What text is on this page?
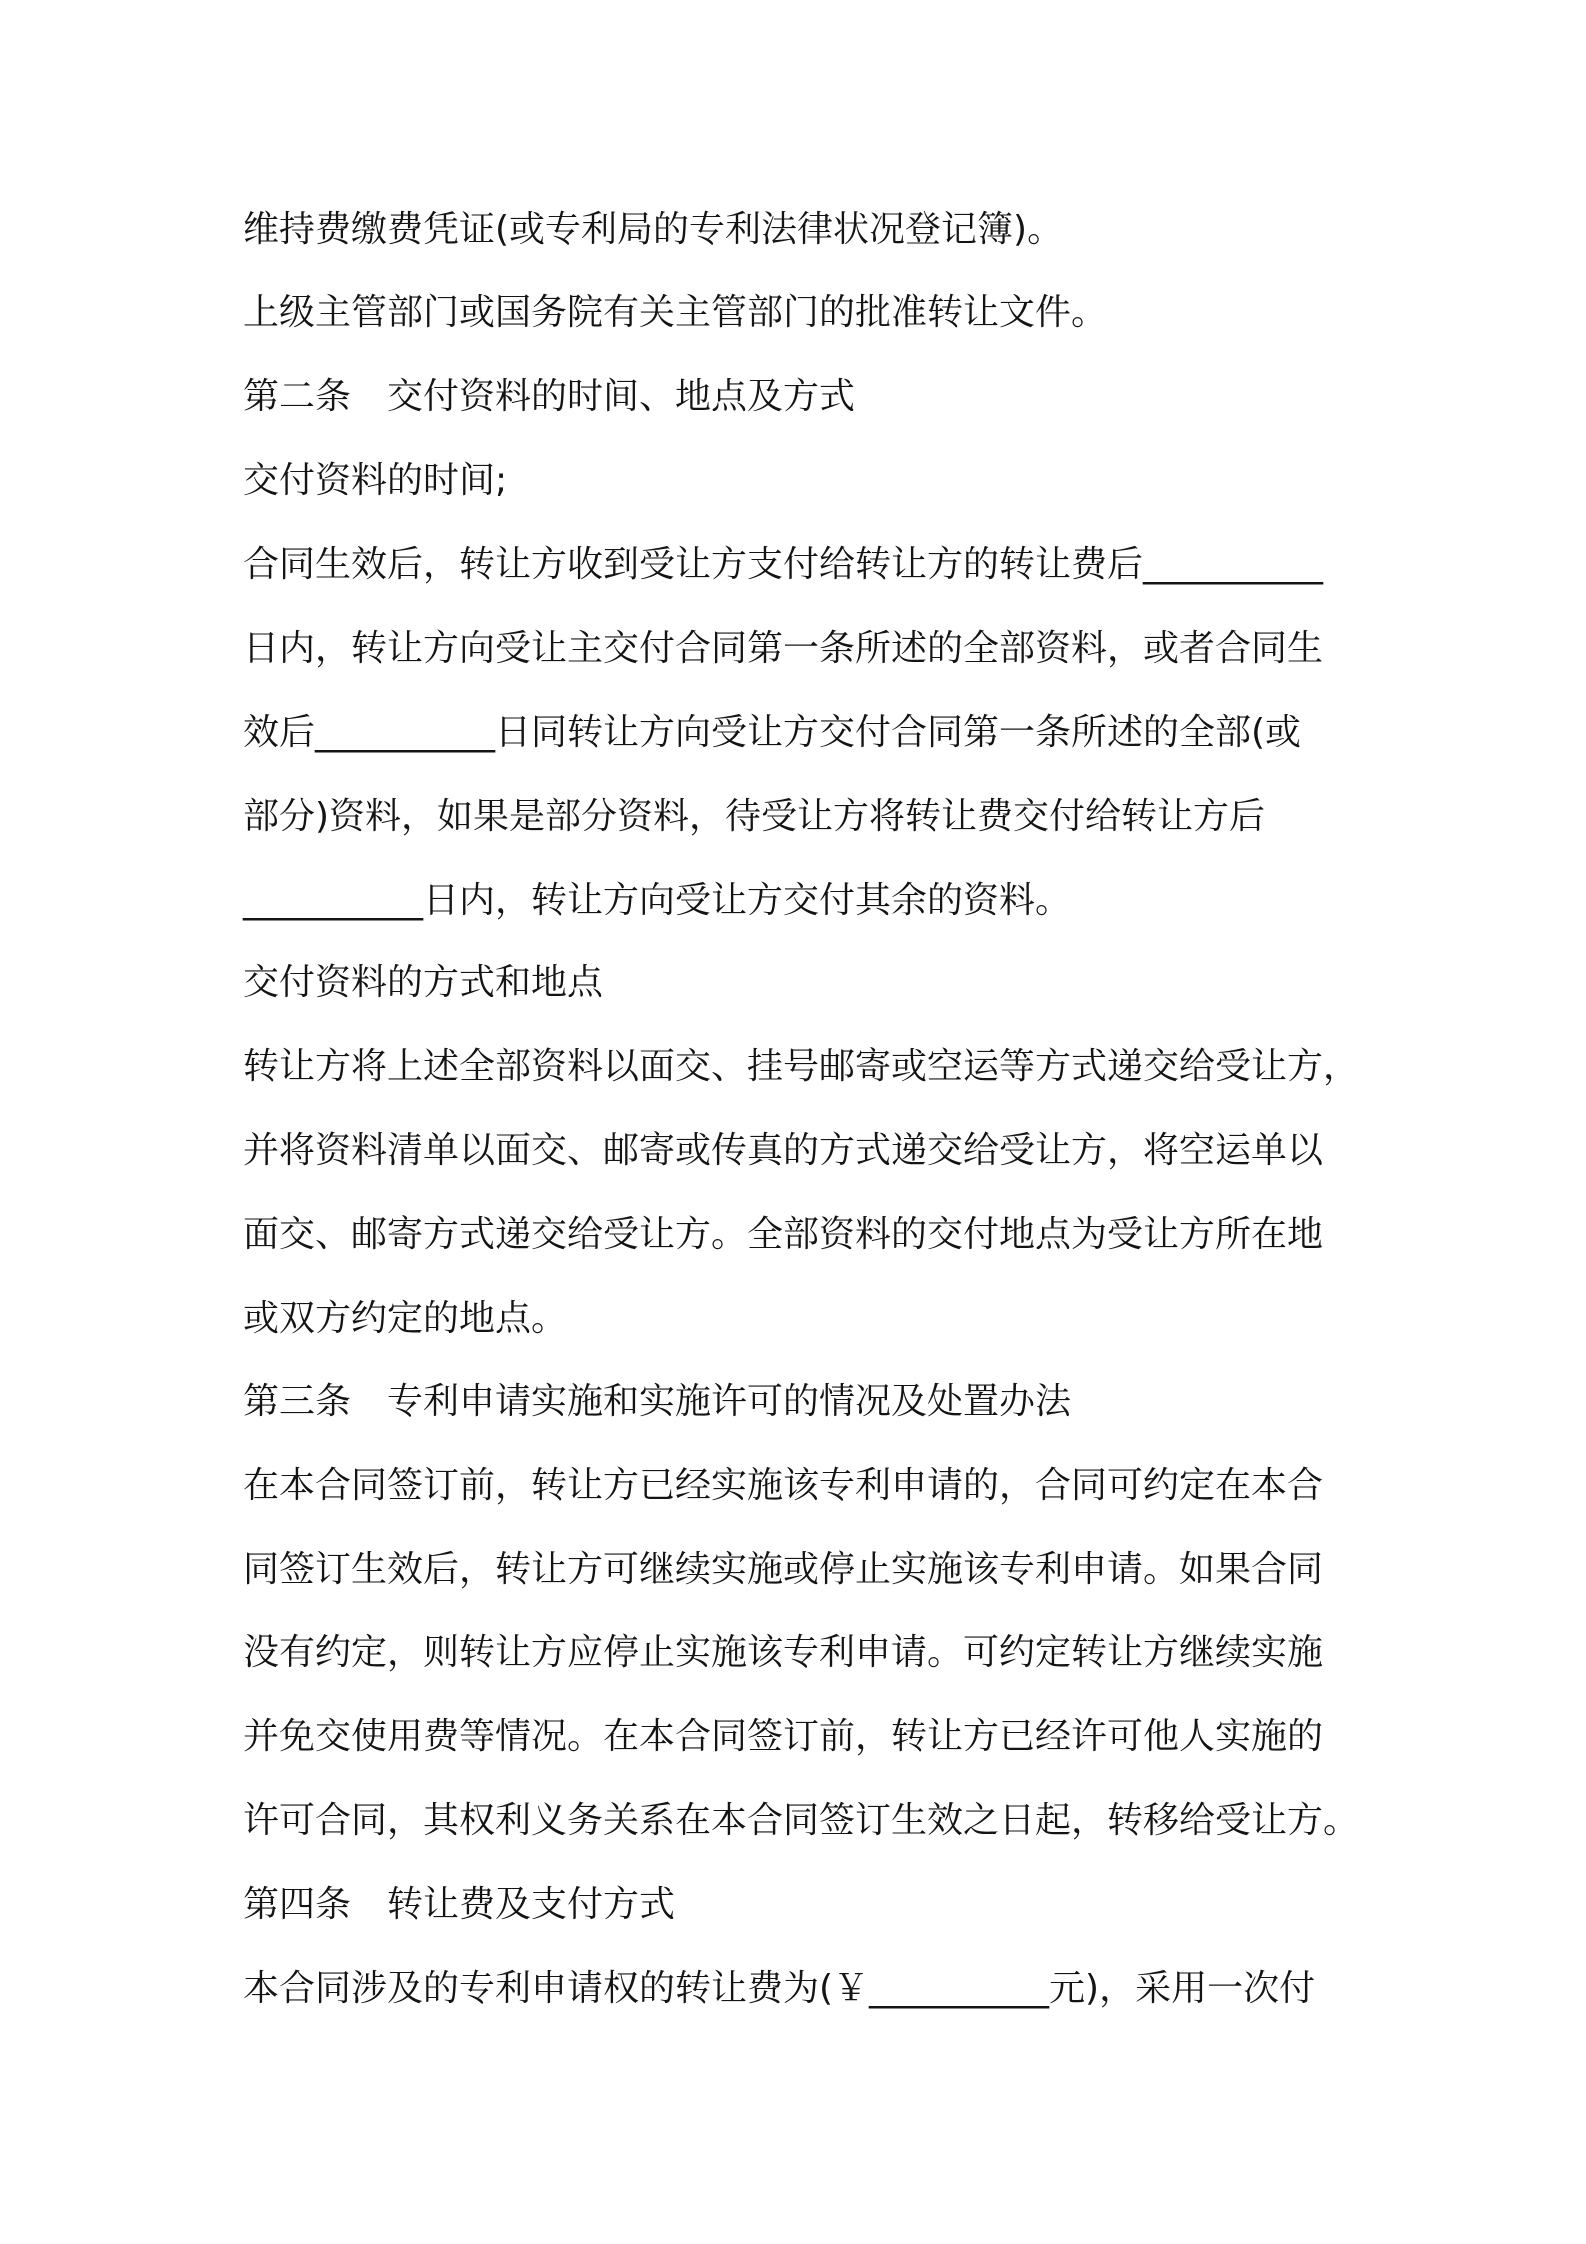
维持费缴费凭证(或专利局的专利法律状况登记簿)。
上级主管部门或国务院有关主管部门的批准转让文件。
第二条　交付资料的时间、地点及方式
交付资料的时间;
合同生效后，转让方收到受让方支付给转让方的转让费后__________
日内，转让方向受让主交付合同第一条所述的全部资料，或者合同生
效后__________日同转让方向受让方交付合同第一条所述的全部(或
部分)资料，如果是部分资料，待受让方将转让费交付给转让方后
__________日内，转让方向受让方交付其余的资料。
交付资料的方式和地点
转让方将上述全部资料以面交、挂号邮寄或空运等方式递交给受让方，
并将资料清单以面交、邮寄或传真的方式递交给受让方，将空运单以
面交、邮寄方式递交给受让方。全部资料的交付地点为受让方所在地
或双方约定的地点。
第三条　专利申请实施和实施许可的情况及处置办法
在本合同签订前，转让方已经实施该专利申请的，合同可约定在本合
同签订生效后，转让方可继续实施或停止实施该专利申请。如果合同
没有约定，则转让方应停止实施该专利申请。可约定转让方继续实施
并免交使用费等情况。在本合同签订前，转让方已经许可他人实施的
许可合同，其权利义务关系在本合同签订生效之日起，转移给受让方。
第四条　转让费及支付方式
本合同涉及的专利申请权的转让费为(￥__________元)，采用一次付
